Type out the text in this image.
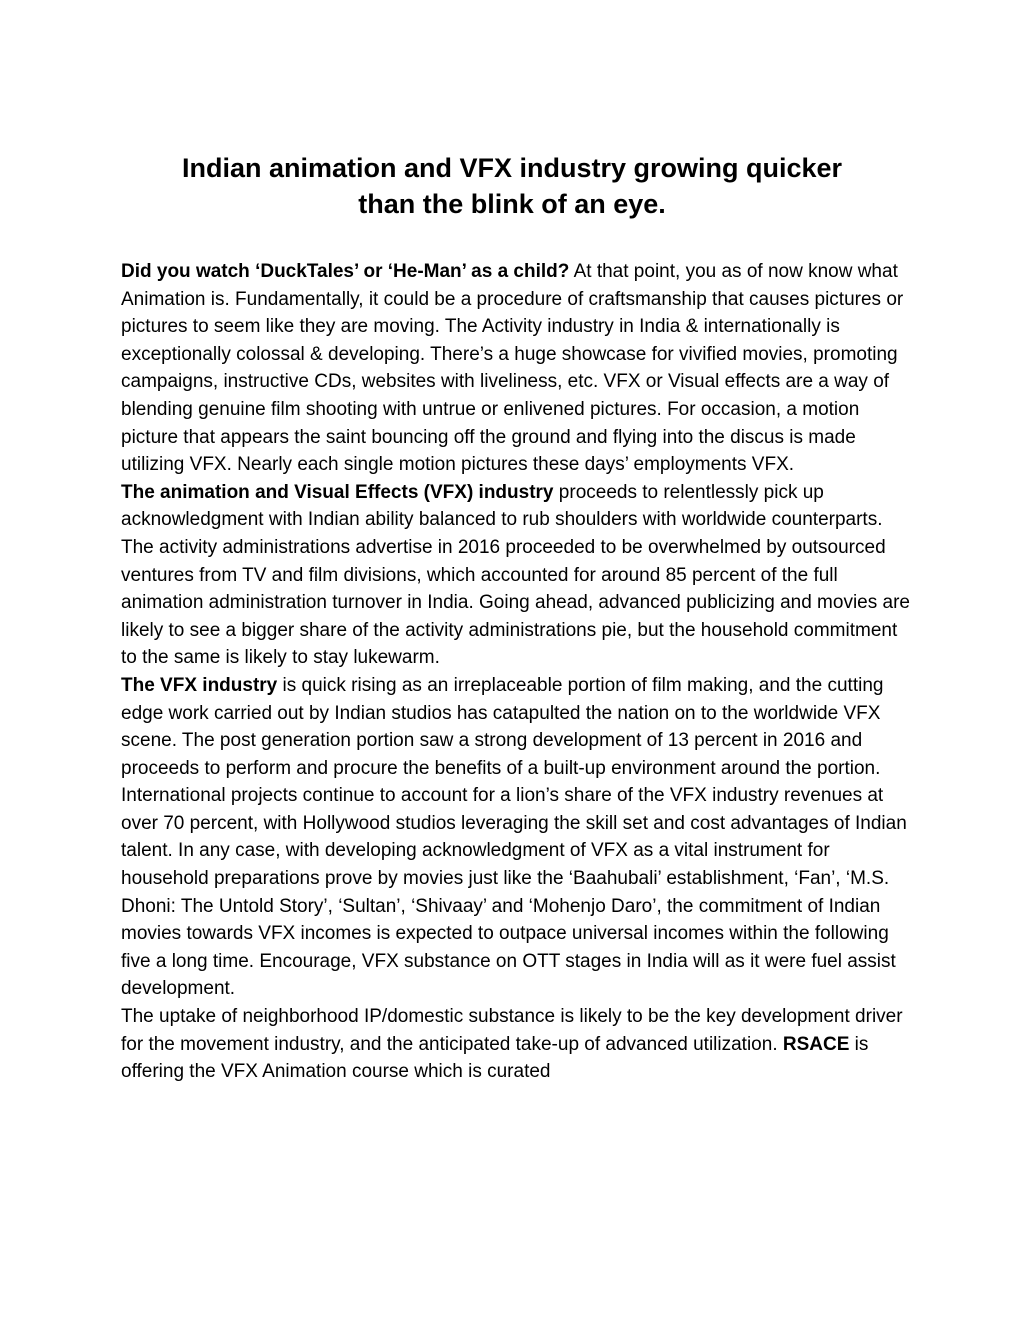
Indian animation and VFX industry growing quicker
than the blink of an eye.

Did you watch ‘DuckTales’ or ‘He-Man’ as a child? At that point, you as of now know what Animation is. Fundamentally, it could be a procedure of craftsmanship that causes pictures or pictures to seem like they are moving. The Activity industry in India & internationally is exceptionally colossal & developing. There’s a huge showcase for vivified movies, promoting campaigns, instructive CDs, websites with liveliness, etc. VFX or Visual effects are a way of blending genuine film shooting with untrue or enlivened pictures. For occasion, a motion picture that appears the saint bouncing off the ground and flying into the discus is made utilizing VFX. Nearly each single motion pictures these days’ employments VFX.

The animation and Visual Effects (VFX) industry proceeds to relentlessly pick up acknowledgment with Indian ability balanced to rub shoulders with worldwide counterparts. The activity administrations advertise in 2016 proceeded to be overwhelmed by outsourced ventures from TV and film divisions, which accounted for around 85 percent of the full animation administration turnover in India. Going ahead, advanced publicizing and movies are likely to see a bigger share of the activity administrations pie, but the household commitment to the same is likely to stay lukewarm.

The VFX industry is quick rising as an irreplaceable portion of film making, and the cutting edge work carried out by Indian studios has catapulted the nation on to the worldwide VFX scene. The post generation portion saw a strong development of 13 percent in 2016 and proceeds to perform and procure the benefits of a built-up environment around the portion. International projects continue to account for a lion’s share of the VFX industry revenues at over 70 percent, with Hollywood studios leveraging the skill set and cost advantages of Indian talent. In any case, with developing acknowledgment of VFX as a vital instrument for household preparations prove by movies just like the ‘Baahubali’ establishment, ‘Fan’, ‘M.S. Dhoni: The Untold Story’, ‘Sultan’, ‘Shivaay’ and ‘Mohenjo Daro’, the commitment of Indian movies towards VFX incomes is expected to outpace universal incomes within the following five a long time. Encourage, VFX substance on OTT stages in India will as it were fuel assist development.

The uptake of neighborhood IP/domestic substance is likely to be the key development driver for the movement industry, and the anticipated take-up of advanced utilization. RSACE is offering the VFX Animation course which is curated
